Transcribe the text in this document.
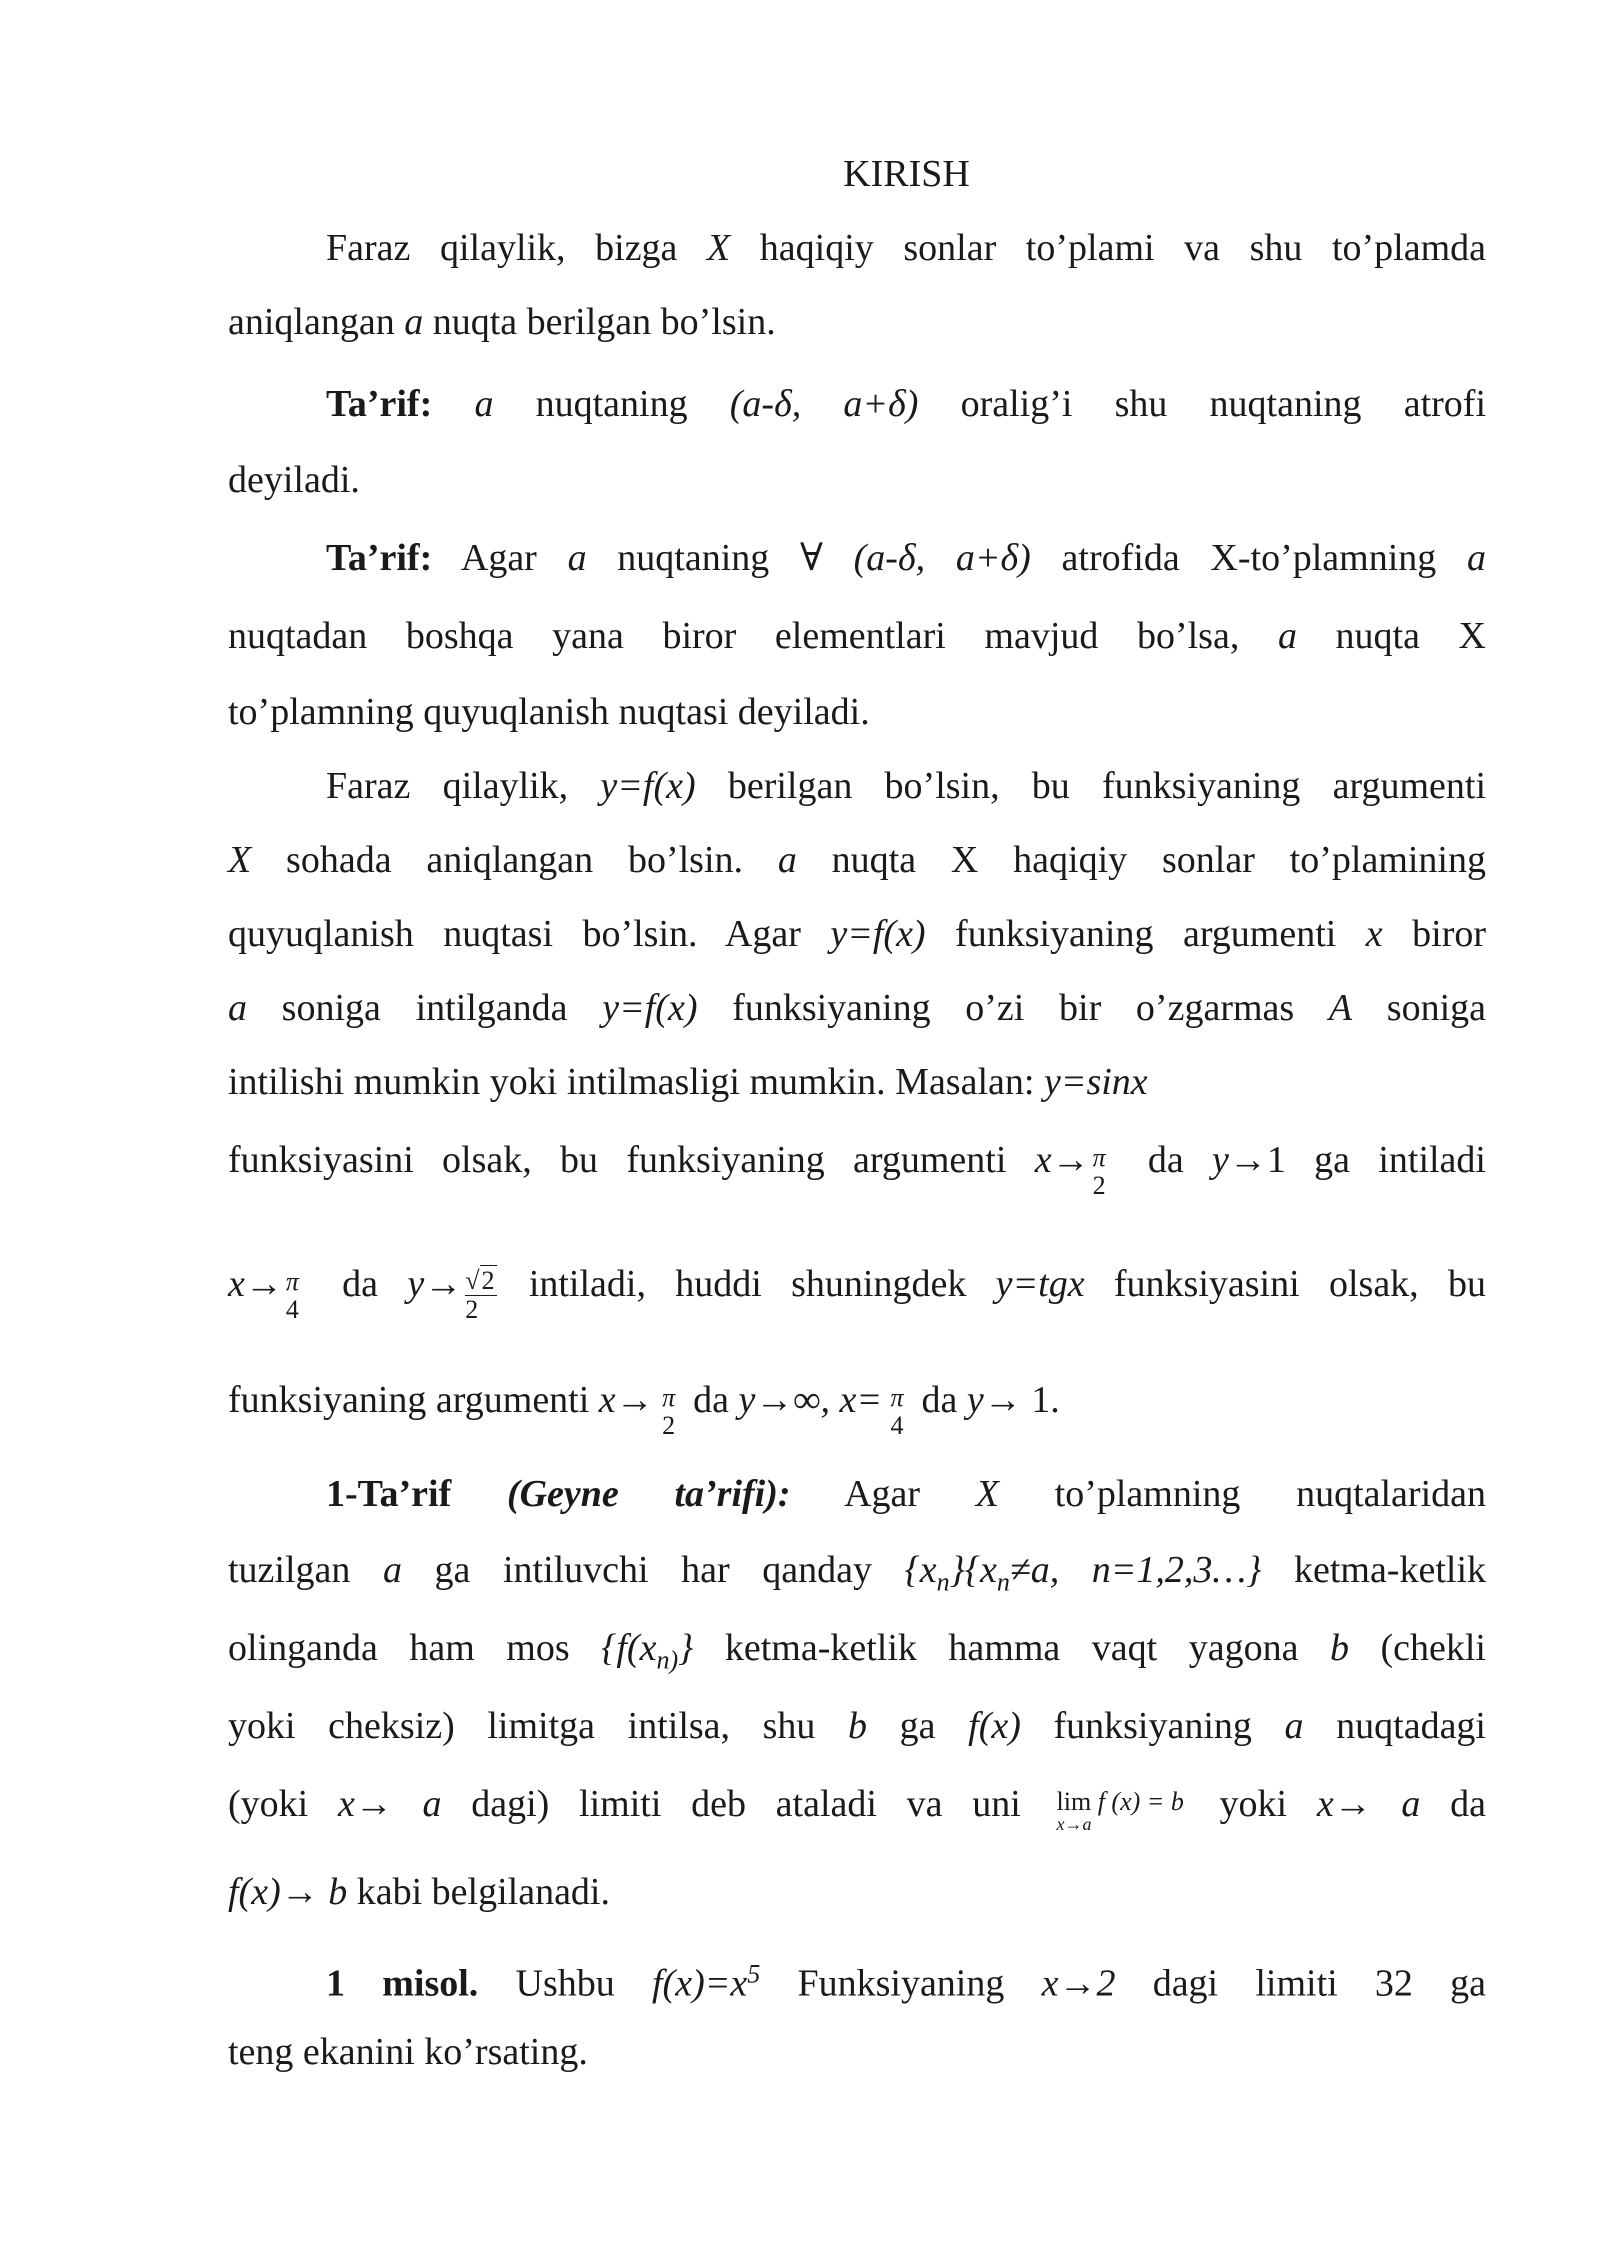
KIRISH
Faraz qilaylik, bizga X haqiqiy sonlar to’plami va shu to’plamda
aniqlangan a nuqta berilgan bo’lsin.
Ta’rif: a nuqtaning (a-δ, a+δ) oralig’i shu nuqtaning atrofi
deyiladi.
Ta’rif: Agar a nuqtaning ∀ (a-δ, a+δ) atrofida X-to’plamning a
nuqtadan boshqa yana biror elementlari mavjud bo’lsa, a nuqta X
to’plamning quyuqlanish nuqtasi deyiladi.
Faraz qilaylik, y=f(x) berilgan bo’lsin, bu funksiyaning argumenti
X sohada aniqlangan bo’lsin. a nuqta X haqiqiy sonlar to’plamining
quyuqlanish nuqtasi bo’lsin. Agar y=f(x) funksiyaning argumenti x biror
a soniga intilganda y=f(x) funksiyaning o’zi bir o’zgarmas A soniga
intilishi mumkin yoki intilmasligi mumkin. Masalan: y=sinx
funksiyasini olsak, bu funksiyaning argumenti x→ π
2
da y→1 ga intiladi
x→ π
4
da $y\to \frac{√2}{2}$ intiladi, huddi shuningdek y=tgx funksiyasini olsak, bu
funksiyaning argumenti x→ π
2
da y→∞, x= π
4
da y→ 1.
1-Ta’rif (Geyne ta’rifi): Agar X to’plamning nuqtalaridan
tuzilgan a ga intiluvchi har qanday $\{x_n\}\{x_n\ne a$, n=1,2,3…} ketma-ketlik
olinganda ham mos {$f(x_{n)}\}$ ketma-ketlik hamma vaqt yagona b (chekli
yoki cheksiz) limitga intilsa, shu b ga f(x) funksiyaning a nuqtadagi
(yoki x→ a dagi) limiti deb ataladi va uni lim f (x) = b
x→a	yoki x→ a da
f(x)→ b kabi belgilanadi.
1 misol. Ushbu $f(x)=x^5$ Funksiyaning x→2 dagi limiti 32 ga
teng ekanini ko’rsating.
